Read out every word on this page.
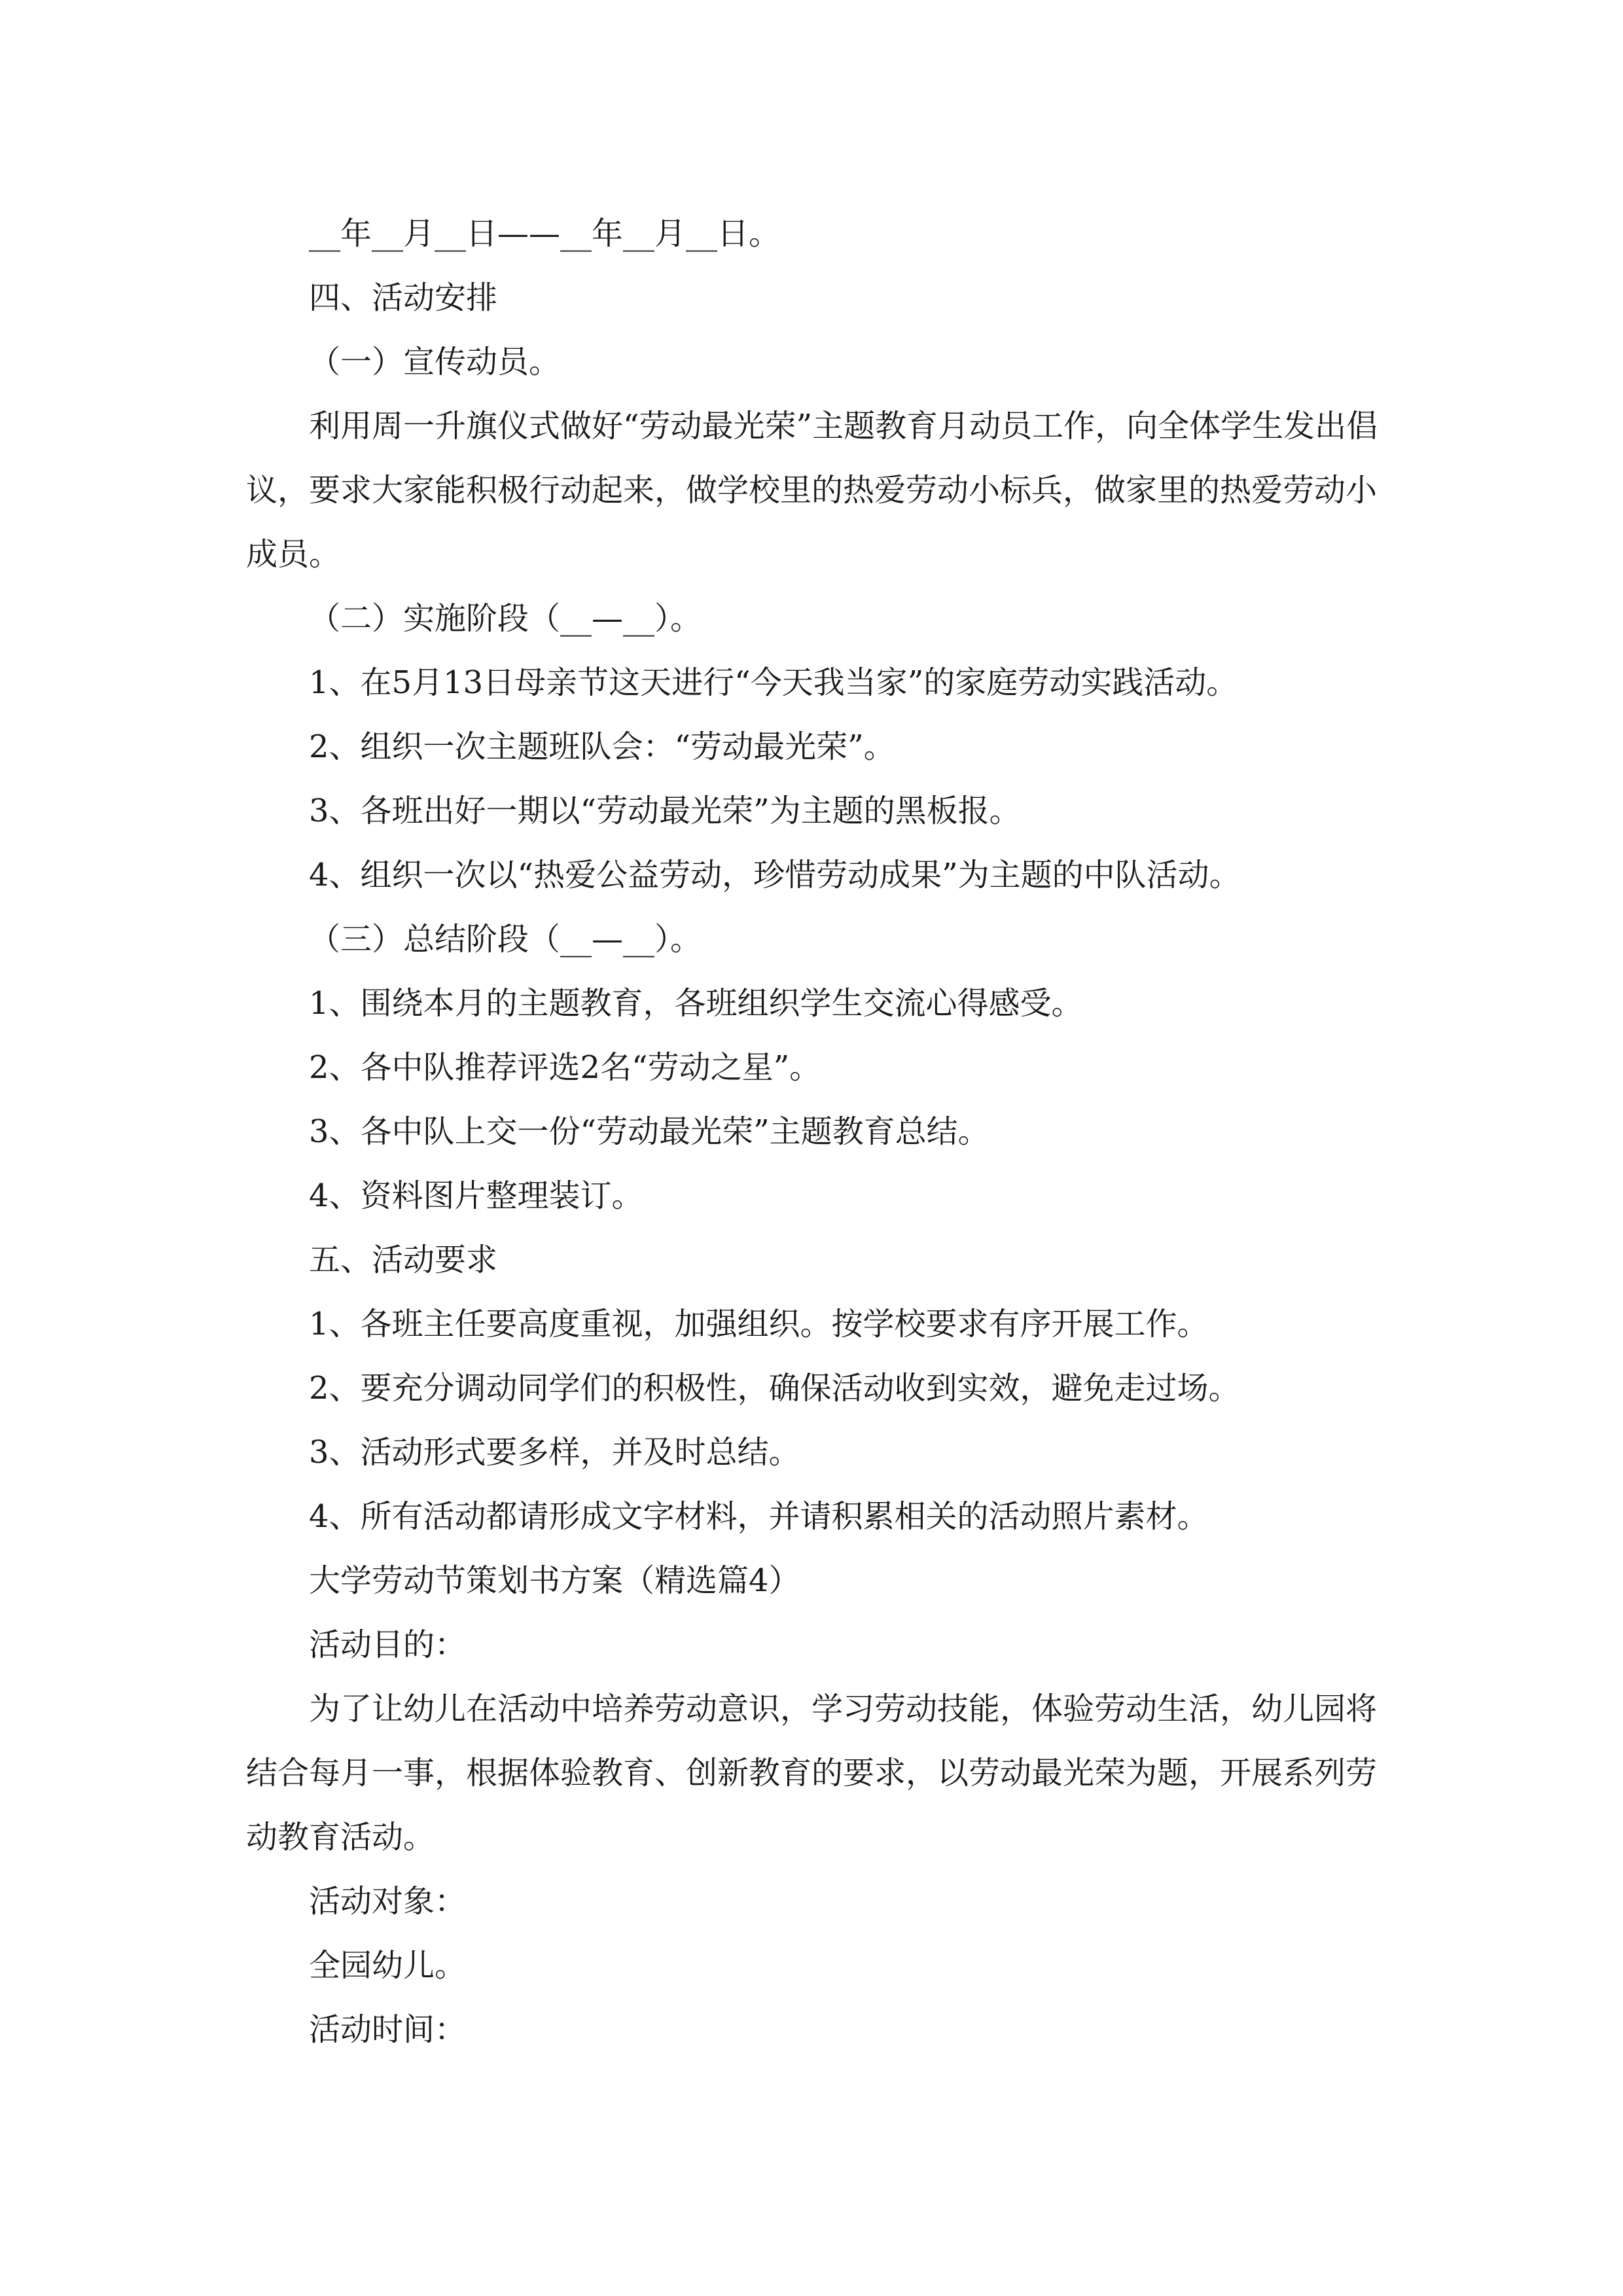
__年__月__日——__年__月__日。

四、活动安排

（一）宣传动员。

利用周一升旗仪式做好“劳动最光荣”主题教育月动员工作，向全体学生发出倡议，要求大家能积极行动起来，做学校里的热爱劳动小标兵，做家里的热爱劳动小成员。

（二）实施阶段（__—__）。

1、在5月13日母亲节这天进行“今天我当家”的家庭劳动实践活动。

2、组织一次主题班队会：“劳动最光荣”。

3、各班出好一期以“劳动最光荣”为主题的黑板报。

4、组织一次以“热爱公益劳动，珍惜劳动成果”为主题的中队活动。

（三）总结阶段（__—__）。

1、围绕本月的主题教育，各班组织学生交流心得感受。

2、各中队推荐评选2名“劳动之星”。

3、各中队上交一份“劳动最光荣”主题教育总结。

4、资料图片整理装订。

五、活动要求

1、各班主任要高度重视，加强组织。按学校要求有序开展工作。

2、要充分调动同学们的积极性，确保活动收到实效，避免走过场。

3、活动形式要多样，并及时总结。

4、所有活动都请形成文字材料，并请积累相关的活动照片素材。

大学劳动节策划书方案（精选篇4）

活动目的：

为了让幼儿在活动中培养劳动意识，学习劳动技能，体验劳动生活，幼儿园将结合每月一事，根据体验教育、创新教育的要求，以劳动最光荣为题，开展系列劳动教育活动。

活动对象：

全园幼儿。

活动时间：
